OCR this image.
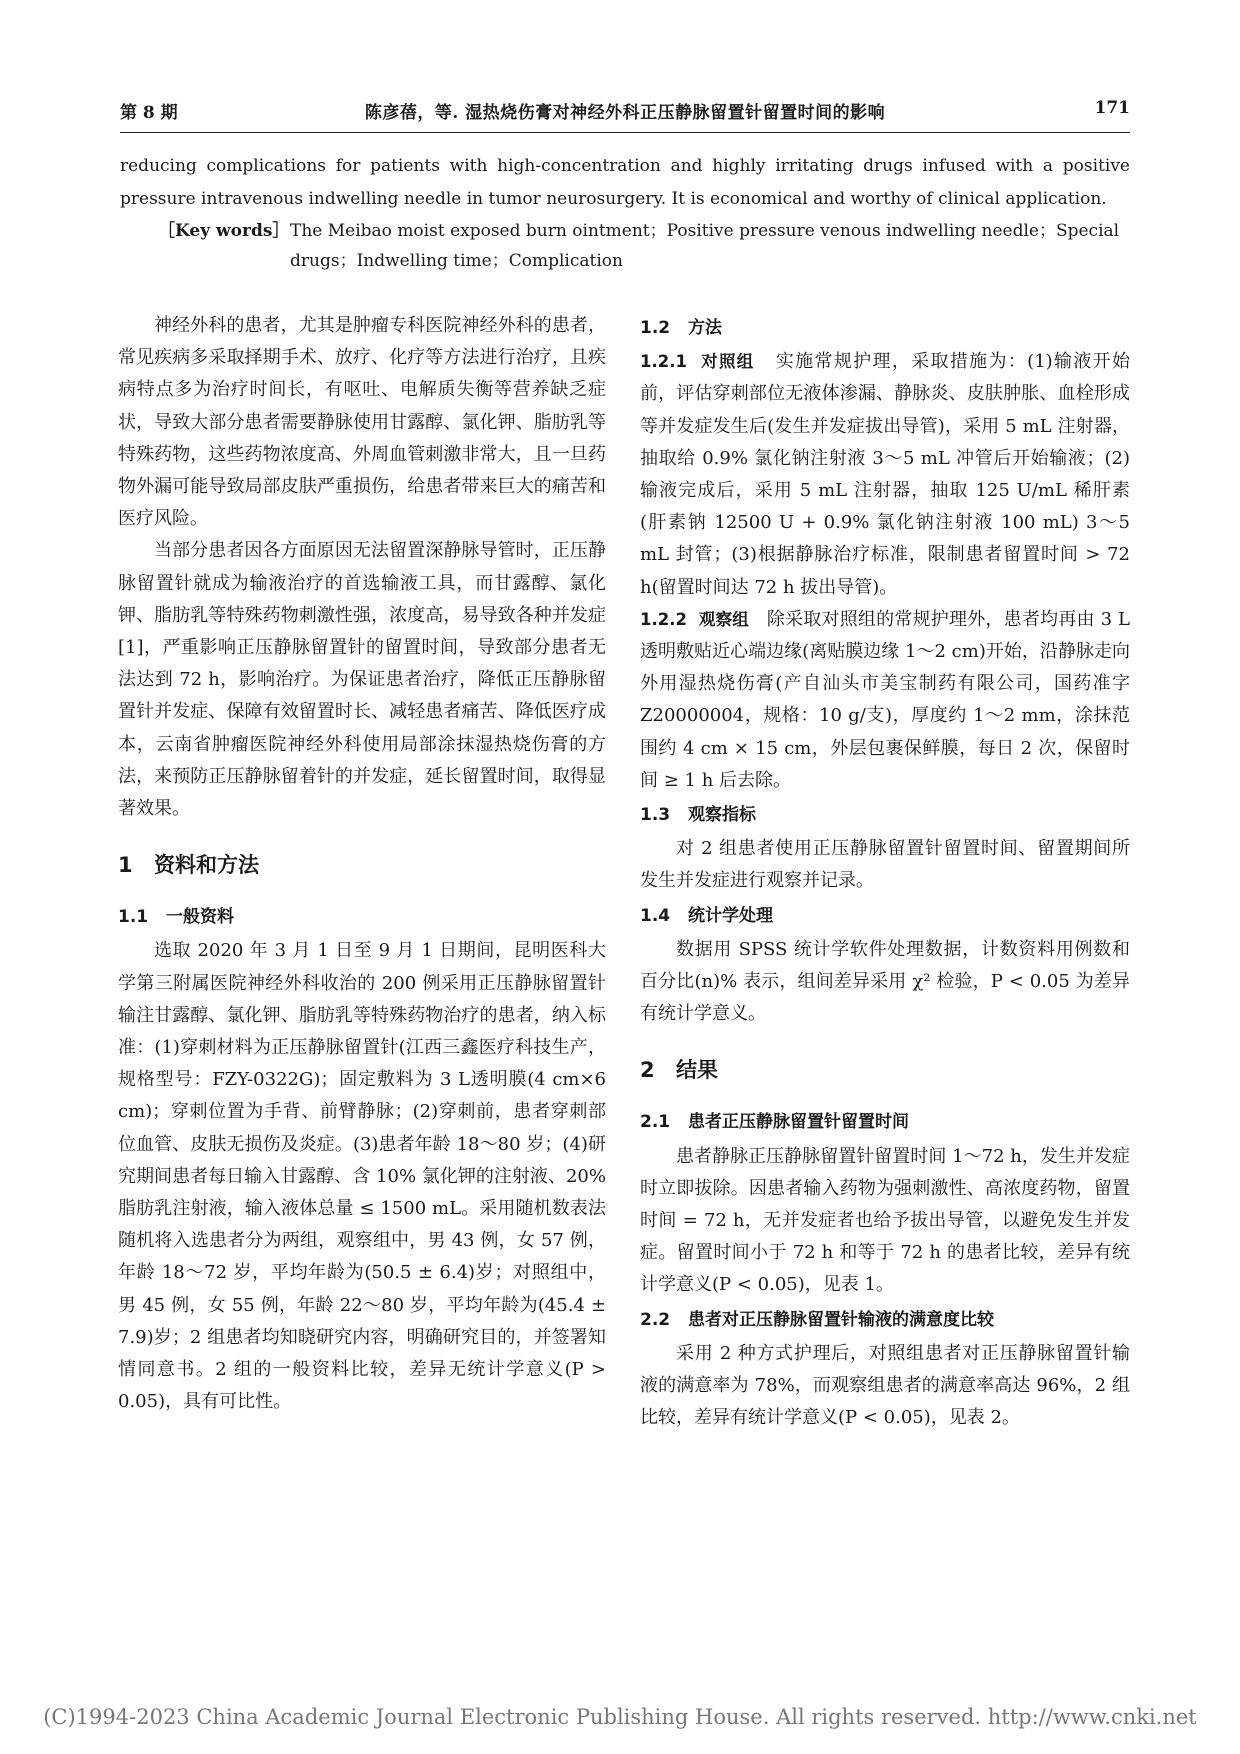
第 8 期	陈彦蓓，等. 湿热烧伤膏对神经外科正压静脉留置针留置时间的影响	171
reducing complications for patients with high-concentration and highly irritating drugs infused with a positive pressure intravenous indwelling needle in tumor neurosurgery. It is economical and worthy of clinical application.
［Key words］ The Meibao moist exposed burn ointment；Positive pressure venous indwelling needle；Special drugs；Indwelling time；Complication

神经外科的患者，尤其是肿瘤专科医院神经外科的患者，常见疾病多采取择期手术、放疗、化疗等方法进行治疗，且疾病特点多为治疗时间长，有呕吐、电解质失衡等营养缺乏症状，导致大部分患者需要静脉使用甘露醇、氯化钾、脂肪乳等特殊药物，这些药物浓度高、外周血管刺激非常大，且一旦药物外漏可能导致局部皮肤严重损伤，给患者带来巨大的痛苦和医疗风险。

当部分患者因各方面原因无法留置深静脉导管时，正压静脉留置针就成为输液治疗的首选输液工具，而甘露醇、氯化钾、脂肪乳等特殊药物刺激性强，浓度高，易导致各种并发症[1]，严重影响正压静脉留置针的留置时间，导致部分患者无法达到 72 h，影响治疗。为保证患者治疗，降低正压静脉留置针并发症、保障有效留置时长、减轻患者痛苦、降低医疗成本，云南省肿瘤医院神经外科使用局部涂抹湿热烧伤膏的方法，来预防正压静脉留着针的并发症，延长留置时间，取得显著效果。

1 资料和方法
1.1 一般资料

选取 2020 年 3 月 1 日至 9 月 1 日期间，昆明医科大学第三附属医院神经外科收治的 200 例采用正压静脉留置针输注甘露醇、氯化钾、脂肪乳等特殊药物治疗的患者，纳入标准：(1)穿刺材料为正压静脉留置针(江西三鑫医疗科技生产，规格型号：FZY-0322G)；固定敷料为 3 L透明膜(4 cm×6 cm)；穿刺位置为手背、前臂静脉；(2)穿刺前，患者穿刺部位血管、皮肤无损伤及炎症。(3)患者年龄 18～80 岁；(4)研究期间患者每日输入甘露醇、含 10% 氯化钾的注射液、20% 脂肪乳注射液，输入液体总量 ≤ 1500 mL。采用随机数表法随机将入选患者分为两组，观察组中，男 43 例，女 57 例，年龄 18～72 岁，平均年龄为(50.5 ± 6.4)岁；对照组中，男 45 例，女 55 例，年龄 22～80 岁，平均年龄为(45.4 ± 7.9)岁；2 组患者均知晓研究内容，明确研究目的，并签署知情同意书。2 组的一般资料比较，差异无统计学意义(P > 0.05)，具有可比性。

1.2 方法

1.2.1 对照组 实施常规护理，采取措施为：(1)输液开始前，评估穿刺部位无液体渗漏、静脉炎、皮肤肿胀、血栓形成等并发症发生后(发生并发症拔出导管)，采用 5 mL 注射器，抽取给 0.9% 氯化钠注射液 3～5 mL 冲管后开始输液；(2)输液完成后，采用 5 mL 注射器，抽取 125 U/mL 稀肝素(肝素钠 12500 U + 0.9% 氯化钠注射液 100 mL) 3～5 mL 封管；(3)根据静脉治疗标准，限制患者留置时间 > 72 h(留置时间达 72 h 拔出导管)。

1.2.2 观察组 除采取对照组的常规护理外，患者均再由 3 L 透明敷贴近心端边缘(离贴膜边缘 1～2 cm)开始，沿静脉走向外用湿热烧伤膏(产自汕头市美宝制药有限公司，国药准字 Z20000004，规格：10 g/支)，厚度约 1～2 mm，涂抹范围约 4 cm × 15 cm，外层包裹保鲜膜，每日 2 次，保留时间 ≥ 1 h 后去除。

1.3 观察指标

对 2 组患者使用正压静脉留置针留置时间、留置期间所发生并发症进行观察并记录。

1.4 统计学处理

数据用 SPSS 统计学软件处理数据，计数资料用例数和百分比(n)% 表示，组间差异采用 χ² 检验，P < 0.05 为差异有统计学意义。

2 结果
2.1 患者正压静脉留置针留置时间

患者静脉正压静脉留置针留置时间 1～72 h，发生并发症时立即拔除。因患者输入药物为强刺激性、高浓度药物，留置时间 = 72 h，无并发症者也给予拔出导管，以避免发生并发症。留置时间小于 72 h 和等于 72 h 的患者比较，差异有统计学意义(P < 0.05)，见表 1。

2.2 患者对正压静脉留置针输液的满意度比较

采用 2 种方式护理后，对照组患者对正压静脉留置针输液的满意率为 78%，而观察组患者的满意率高达 96%，2 组比较，差异有统计学意义(P < 0.05)，见表 2。

(C)1994-2023 China Academic Journal Electronic Publishing House. All rights reserved. http://www.cnki.net
